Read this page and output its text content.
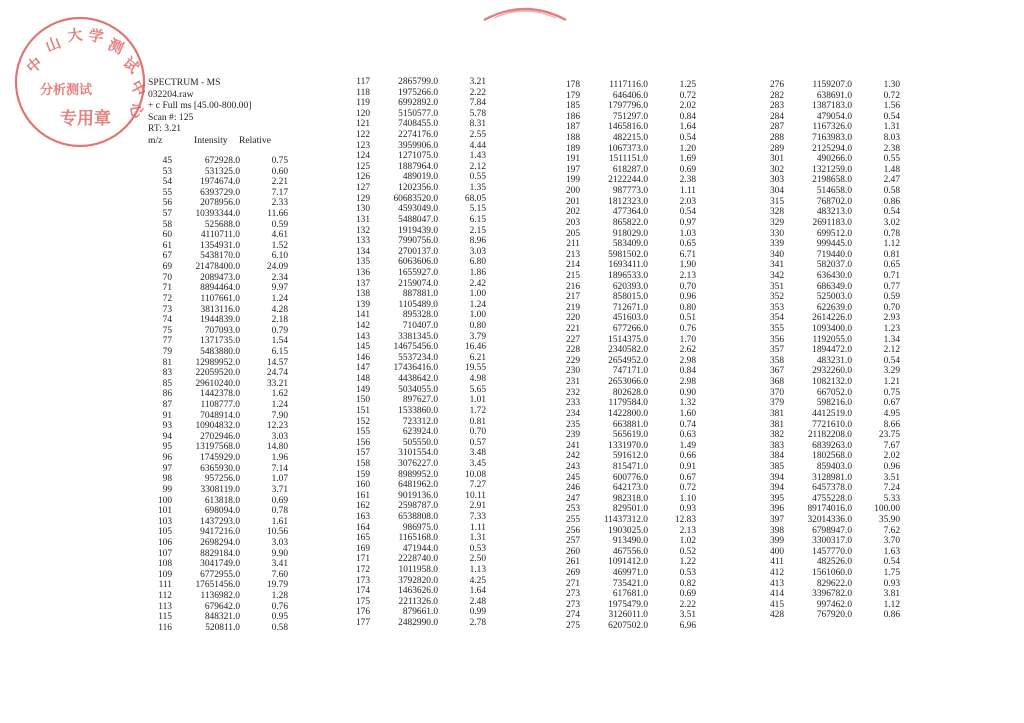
中
山 大 学 测
试
中
心
分析测试
专用章
SPECTRUM - MS
032204.raw
+ c Full ms [45.00-800.00]
Scan #: 125
RT: 3.21
m/z	Intensity Relative
45	672928.0	0.75
53	531325.0	0.60
54	1974674.0	2.21
55	6393729.0	7.17
56	2078956.0	2.33
57 10393344.0	11.66
58	525688.0	0.59
60	4110711.0	4.61
61	1354931.0	1.52
67	5438170.0	6.10
69 21478400.0	24.09
70	2089473.0	2.34
71	8894464.0	9.97
72	1107661.0	1.24
73	3813116.0	4.28
74	1944839.0	2.18
75	707093.0	0.79
77	1371735.0	1.54
79	5483880.0	6.15
81 12989952.0	14.57
83 22059520.0	24.74
85 29610240.0	33.21
86	1442378.0	1.62
87	1108777.0	1.24
91	7048914.0	7.90
93 10904832.0	12.23
94	2702946.0	3.03
95 13197568.0	14.80
96	1745929.0	1.96
97	6365930.0	7.14
98	957256.0	1.07
99	3308119.0	3.71
100	613818.0	0.69
101	698094.0	0.78
103	1437293.0	1.61
105	9417216.0	10.56
106	2698294.0	3.03
107	8829184.0	9.90
108	3041749.0	3.41
109	6772955.0	7.60
111 17651456.0	19.79
112	1136982.0	1.28
113	679642.0	0.76
115	848321.0	0.95
116	520811.0	0.58
117	2865799.0	3.21
118	1975266.0	2.22
119	6992892.0	7.84
120	5150577.0	5.78
121	7408455.0	8.31
122	2274176.0	2.55
123	3959906.0	4.44
124	1271075.0	1.43
125	1887964.0	2.12
126	489019.0	0.55
127	1202356.0	1.35
129 60683520.0	68.05
130	4593049.0	5.15
131	5488047.0	6.15
132	1919439.0	2.15
133	7990756.0	8.96
134	2700137.0	3.03
135	6063606.0	6.80
136	1655927.0	1.86
137	2159074.0	2.42
138	887881.0	1.00
139	1105489.0	1.24
141	895328.0	1.00
142	710407.0	0.80
143	3381345.0	3.79
145 14675456.0	16.46
146	5537234.0	6.21
147 17436416.0	19.55
148	4438642.0	4.98
149	5034055.0	5.65
150	897627.0	1.01
151	1533860.0	1.72
152	723312.0	0.81
155	623924.0	0.70
156	505550.0	0.57
157	3101554.0	3.48
158	3076227.0	3.45
159	8989952.0	10.08
160	6481962.0	7.27
161	9019136.0	10.11
162	2598787.0	2.91
163	6538808.0	7.33
164	986975.0	1.11
165	1165168.0	1.31
169	471944.0	0.53
171	2228740.0	2.50
172	1011958.0	1.13
173	3792820.0	4.25
174	1463626.0	1.64
175	2211326.0	2.48
176	879661.0	0.99
177	2482990.0	2.78
178	1117116.0	1.25
179	646406.0	0.72
185	1797796.0	2.02
186	751297.0	0.84
187	1465816.0	1.64
188	482215.0	0.54
189	1067373.0	1.20
191	1511151.0	1.69
197	618287.0	0.69
199	2122244.0	2.38
200	987773.0	1.11
201	1812323.0	2.03
202	477364.0	0.54
203	865822.0	0.97
205	918029.0	1.03
211	583409.0	0.65
213	5981502.0	6.71
214	1693411.0	1.90
215	1896533.0	2.13
216	620393.0	0.70
217	858015.0	0.96
219	712671.0	0.80
220	451603.0	0.51
221	677266.0	0.76
227	1514375.0	1.70
228	2340582.0	2.62
229	2654952.0	2.98
230	747171.0	0.84
231	2653066.0	2.98
232	802628.0	0.90
233	1179584.0	1.32
234	1422800.0	1.60
235	663881.0	0.74
239	565619.0	0.63
241	1331970.0	1.49
242	591612.0	0.66
243	815471.0	0.91
245	600776.0	0.67
246	642173.0	0.72
247	982318.0	1.10
253	829501.0	0.93
255	11437312.0	12.83
256	1903025.0	2.13
257	913490.0	1.02
260	467556.0	0.52
261	1091412.0	1.22
269	469971.0	0.53
271	735421.0	0.82
273	617681.0	0.69
273	1975479.0	2.22
274	3126011.0	3.51
275	6207502.0	6.96
276	1159207.0	1.30
282	638691.0	0.72
283	1387183.0	1.56
284	479054.0	0.54
287	1167326.0	1.31
288	7163983.0	8.03
289	2125294.0	2.38
301	490266.0	0.55
302	1321259.0	1.48
303	2198658.0	2.47
304	514658.0	0.58
315	768702.0	0.86
328	483213.0	0.54
329	2691183.0	3.02
330	699512.0	0.78
339	999445.0	1.12
340	719440.0	0.81
341	582037.0	0.65
342	636430.0	0.71
351	686349.0	0.77
352	525003.0	0.59
353	622639.0	0.70
354	2614226.0	2.93
355	1093400.0	1.23
356	1192055.0	1.34
357	1894472.0	2.12
358	483231.0	0.54
367	2932260.0	3.29
368	1082132.0	1.21
370	667052.0	0.75
379	598216.0	0.67
381	4412519.0	4.95
381	7721610.0	8.66
382	21182208.0	23.75
383	6839263.0	7.67
384	1802568.0	2.02
385	859403.0	0.96
394	3128981.0	3.51
394	6457378.0	7.24
395	4755228.0	5.33
396 89174016.0 100.00
397 32014336.0	35.90
398	6798947.0	7.62
399	3300317.0	3.70
400	1457770.0	1.63
411	482526.0	0.54
412	1561060.0	1.75
413	829622.0	0.93
414	3396782.0	3.81
415	997462.0	1.12
428	767920.0	0.86
